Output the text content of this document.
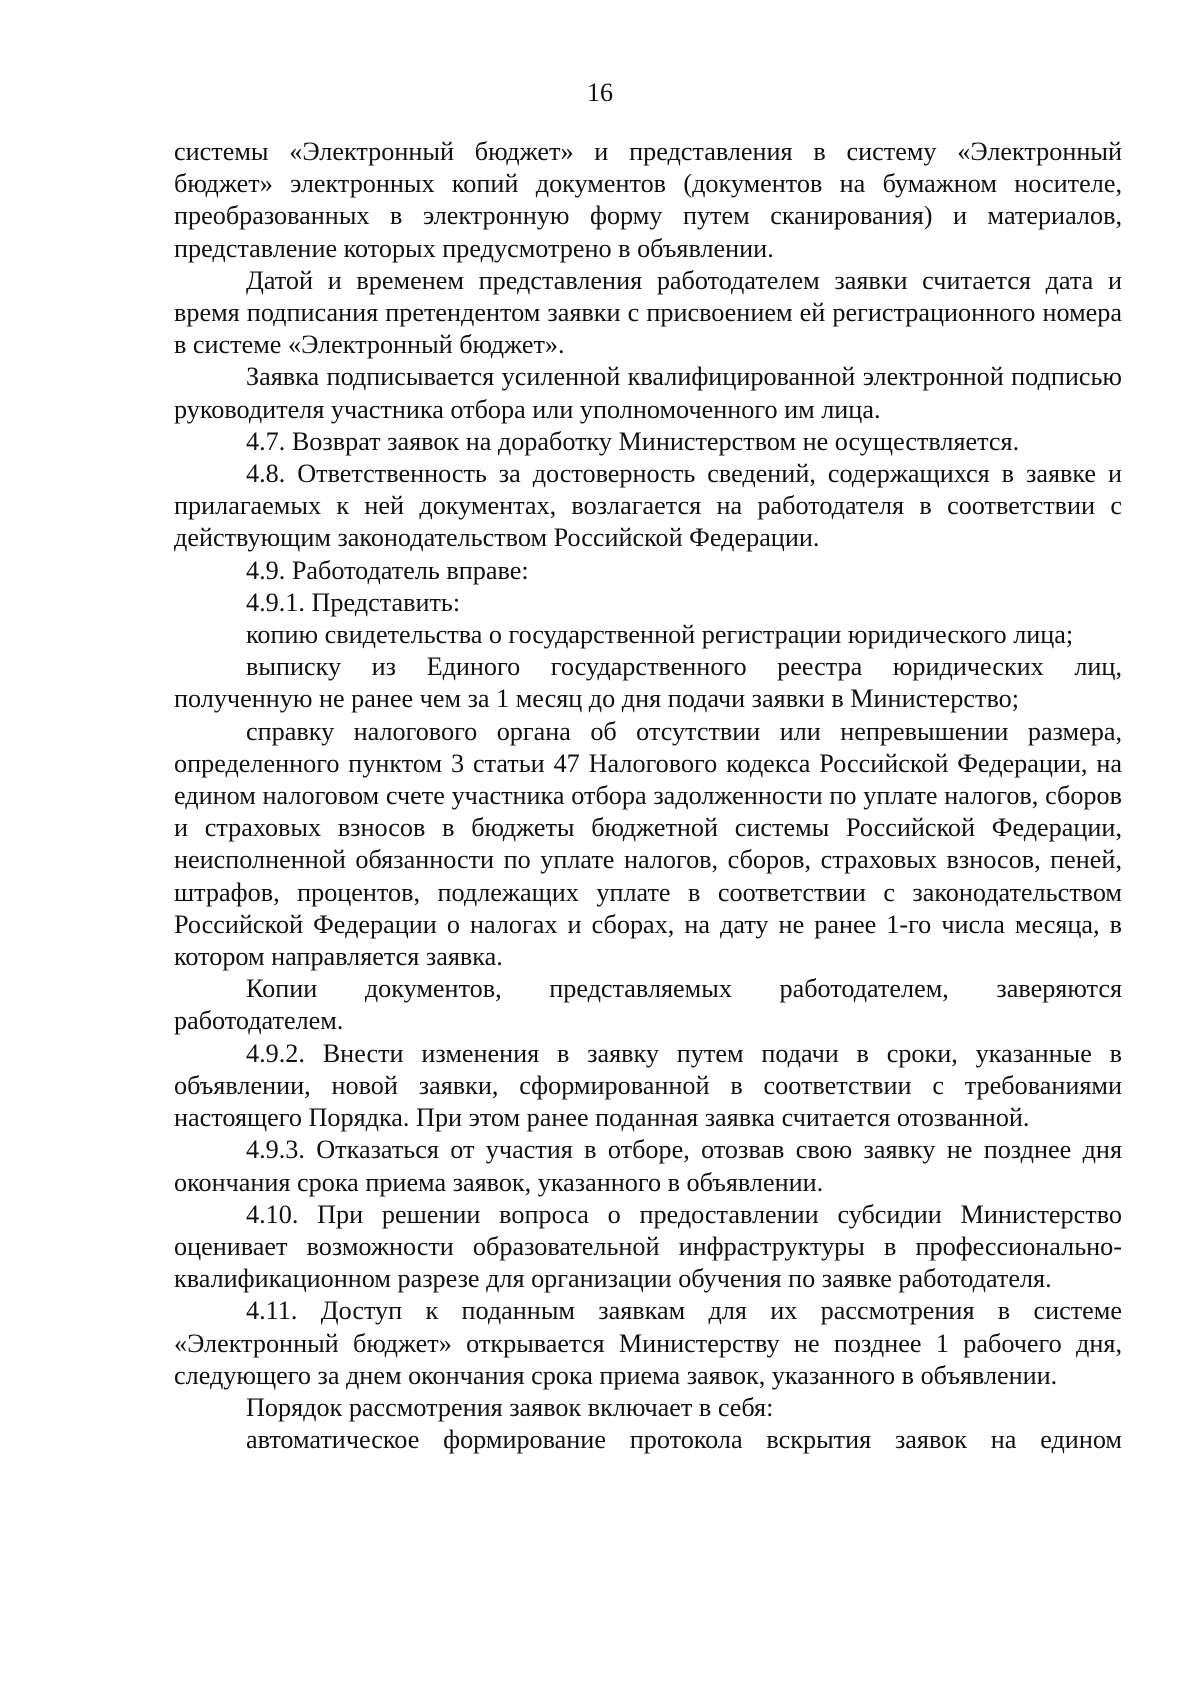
16

системы «Электронный бюджет» и представления в систему «Электронный бюджет» электронных копий документов (документов на бумажном носителе, преобразованных в электронную форму путем сканирования) и материалов, представление которых предусмотрено в объявлении.

Датой и временем представления работодателем заявки считается дата и время подписания претендентом заявки с присвоением ей регистрационного номера в системе «Электронный бюджет».

Заявка подписывается усиленной квалифицированной электронной подписью руководителя участника отбора или уполномоченного им лица.

4.7. Возврат заявок на доработку Министерством не осуществляется.

4.8. Ответственность за достоверность сведений, содержащихся в заявке и прилагаемых к ней документах, возлагается на работодателя в соответствии с действующим законодательством Российской Федерации.

4.9. Работодатель вправе:

4.9.1. Представить:

копию свидетельства о государственной регистрации юридического лица;

выписку из Единого государственного реестра юридических лиц, полученную не ранее чем за 1 месяц до дня подачи заявки в Министерство;

справку налогового органа об отсутствии или непревышении размера, определенного пунктом 3 статьи 47 Налогового кодекса Российской Федерации, на едином налоговом счете участника отбора задолженности по уплате налогов, сборов и страховых взносов в бюджеты бюджетной системы Российской Федерации, неисполненной обязанности по уплате налогов, сборов, страховых взносов, пеней, штрафов, процентов, подлежащих уплате в соответствии с законодательством Российской Федерации о налогах и сборах, на дату не ранее 1-го числа месяца, в котором направляется заявка.

Копии документов, представляемых работодателем, заверяются работодателем.

4.9.2. Внести изменения в заявку путем подачи в сроки, указанные в объявлении, новой заявки, сформированной в соответствии с требованиями настоящего Порядка. При этом ранее поданная заявка считается отозванной.

4.9.3. Отказаться от участия в отборе, отозвав свою заявку не позднее дня окончания срока приема заявок, указанного в объявлении.

4.10. При решении вопроса о предоставлении субсидии Министерство оценивает возможности образовательной инфраструктуры в профессионально-квалификационном разрезе для организации обучения по заявке работодателя.

4.11. Доступ к поданным заявкам для их рассмотрения в системе «Электронный бюджет» открывается Министерству не позднее 1 рабочего дня, следующего за днем окончания срока приема заявок, указанного в объявлении.

Порядок рассмотрения заявок включает в себя:

автоматическое формирование протокола вскрытия заявок на едином
